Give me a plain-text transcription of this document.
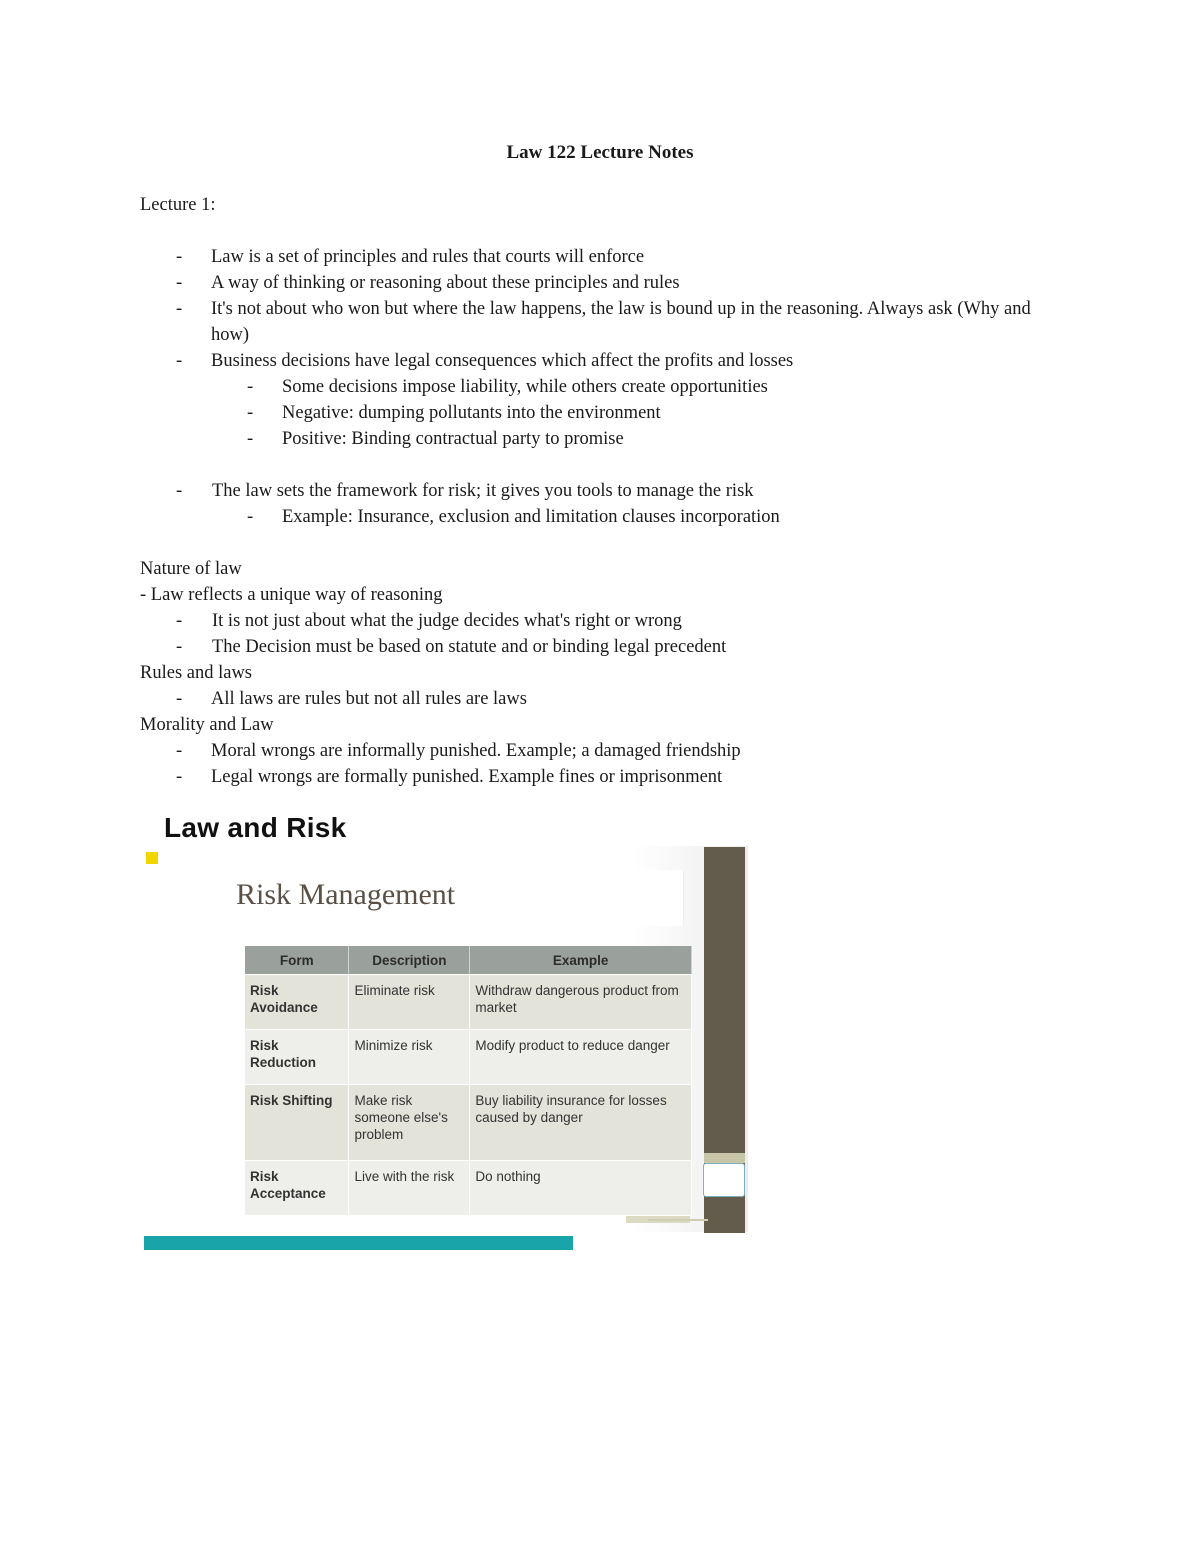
Law 122 Lecture Notes
Lecture 1:
- Law is a set of principles and rules that courts will enforce
- A way of thinking or reasoning about these principles and rules
- It's not about who won but where the law happens, the law is bound up in the reasoning. Always ask (Why and how)
- Business decisions have legal consequences which affect the profits and losses
- Some decisions impose liability, while others create opportunities
- Negative: dumping pollutants into the environment
- Positive: Binding contractual party to promise
- The law sets the framework for risk; it gives you tools to manage the risk
- Example: Insurance, exclusion and limitation clauses incorporation
Nature of law
- Law reflects a unique way of reasoning
- It is not just about what the judge decides what's right or wrong
- The Decision must be based on statute and or binding legal precedent
Rules and laws
- All laws are rules but not all rules are laws
Morality and Law
- Moral wrongs are informally punished. Example; a damaged friendship
- Legal wrongs are formally punished. Example fines or imprisonment
Law and Risk
Risk Management
Form	Description	Example
Risk Avoidance	Eliminate risk	Withdraw dangerous product from market
Risk Reduction	Minimize risk	Modify product to reduce danger
Risk Shifting	Make risk someone else's problem	Buy liability insurance for losses caused by danger
Risk Acceptance	Live with the risk	Do nothing
